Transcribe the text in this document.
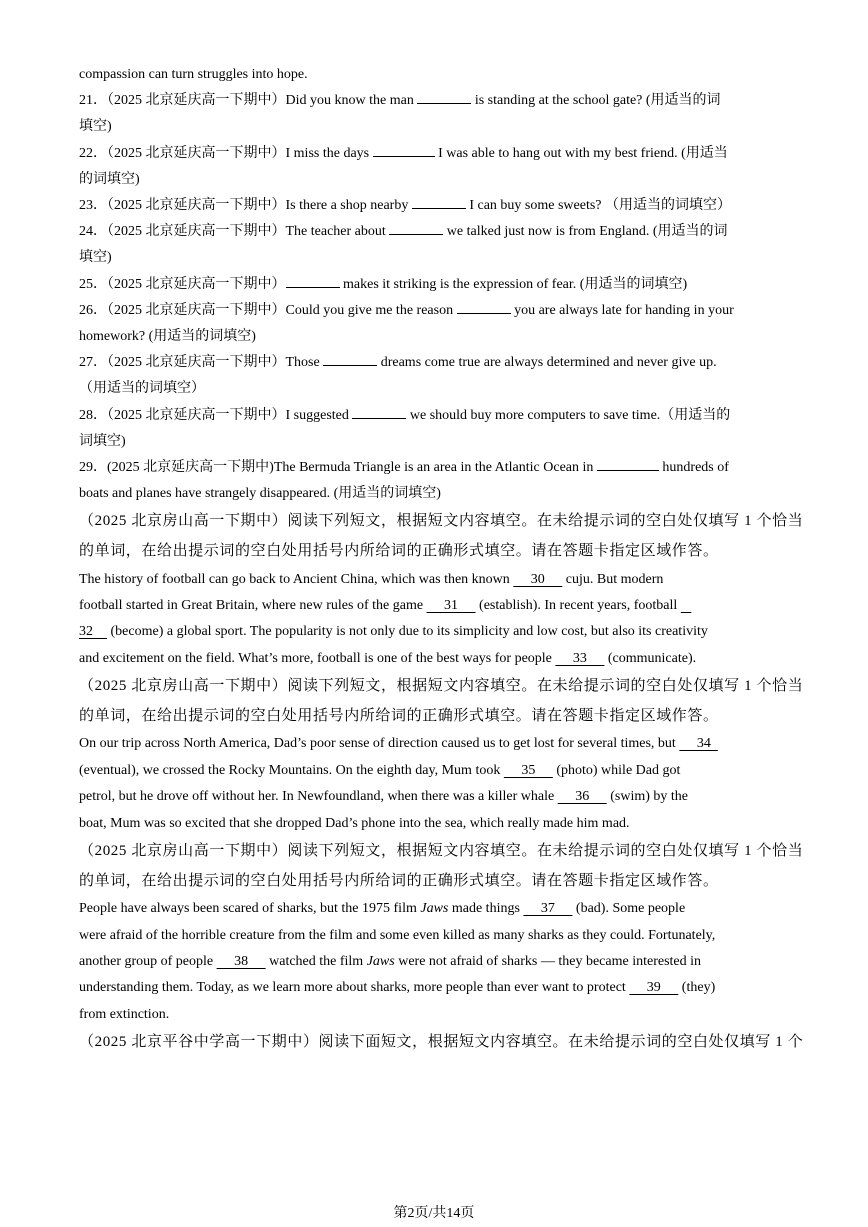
compassion can turn struggles into hope.
21．（2025 北京延庆高一下期中）Did you know the man	is standing at the school gate? (用适当的词
填空)
22．（2025 北京延庆高一下期中）I miss the days	I was able to hang out with my best friend. (用适当
的词填空)
23．（2025 北京延庆高一下期中）Is there a shop nearby	I can buy some sweets? （用适当的词填空）
24．（2025 北京延庆高一下期中）The teacher about	we talked just now is from England. (用适当的词
填空)
25．（2025 北京延庆高一下期中）	makes it striking is the expression of fear. (用适当的词填空)
26．（2025 北京延庆高一下期中）Could you give me the reason	you are always late for handing in your
homework? (用适当的词填空)
27．（2025 北京延庆高一下期中）Those	dreams come true are always determined and never give up.
（用适当的词填空）
28．（2025 北京延庆高一下期中）I suggested	we should buy more computers to save time.（用适当的
词填空)
29．(2025 北京延庆高一下期中)The Bermuda Triangle is an area in the Atlantic Ocean in	hundreds of
boats and planes have strangely disappeared. (用适当的词填空)
（2025 北京房山高一下期中）阅读下列短文，根据短文内容填空。在未给提示词的空白处仅填写 1 个恰当
的单词，在给出提示词的空白处用括号内所给词的正确形式填空。请在答题卡指定区域作答。
The history of football can go back to Ancient China, which was then known      30      cuju. But modern
football started in Great Britain, where new rules of the game      31      (establish). In recent years, football
32     (become) a global sport. The popularity is not only due to its simplicity and low cost, but also its creativity
and excitement on the field. What’s more, football is one of the best ways for people      33      (communicate).
（2025 北京房山高一下期中）阅读下列短文，根据短文内容填空。在未给提示词的空白处仅填写 1 个恰当
的单词，在给出提示词的空白处用括号内所给词的正确形式填空。请在答题卡指定区域作答。
On our trip across North America, Dad’s poor sense of direction caused us to get lost for several times, but      34
(eventual), we crossed the Rocky Mountains. On the eighth day, Mum took      35      (photo) while Dad got
petrol, but he drove off without her. In Newfoundland, when there was a killer whale      36      (swim) by the
boat, Mum was so excited that she dropped Dad’s phone into the sea, which really made him mad.
（2025 北京房山高一下期中）阅读下列短文，根据短文内容填空。在未给提示词的空白处仅填写 1 个恰当
的单词，在给出提示词的空白处用括号内所给词的正确形式填空。请在答题卡指定区域作答。
People have always been scared of sharks, but the 1975 film Jaws made things      37      (bad). Some people
were afraid of the horrible creature from the film and some even killed as many sharks as they could. Fortunately,
another group of people      38      watched the film Jaws were not afraid of sharks — they became interested in
understanding them. Today, as we learn more about sharks, more people than ever want to protect      39      (they)
from extinction.
（2025 北京平谷中学高一下期中）阅读下面短文，根据短文内容填空。在未给提示词的空白处仅填写 1 个
第2页/共14页
